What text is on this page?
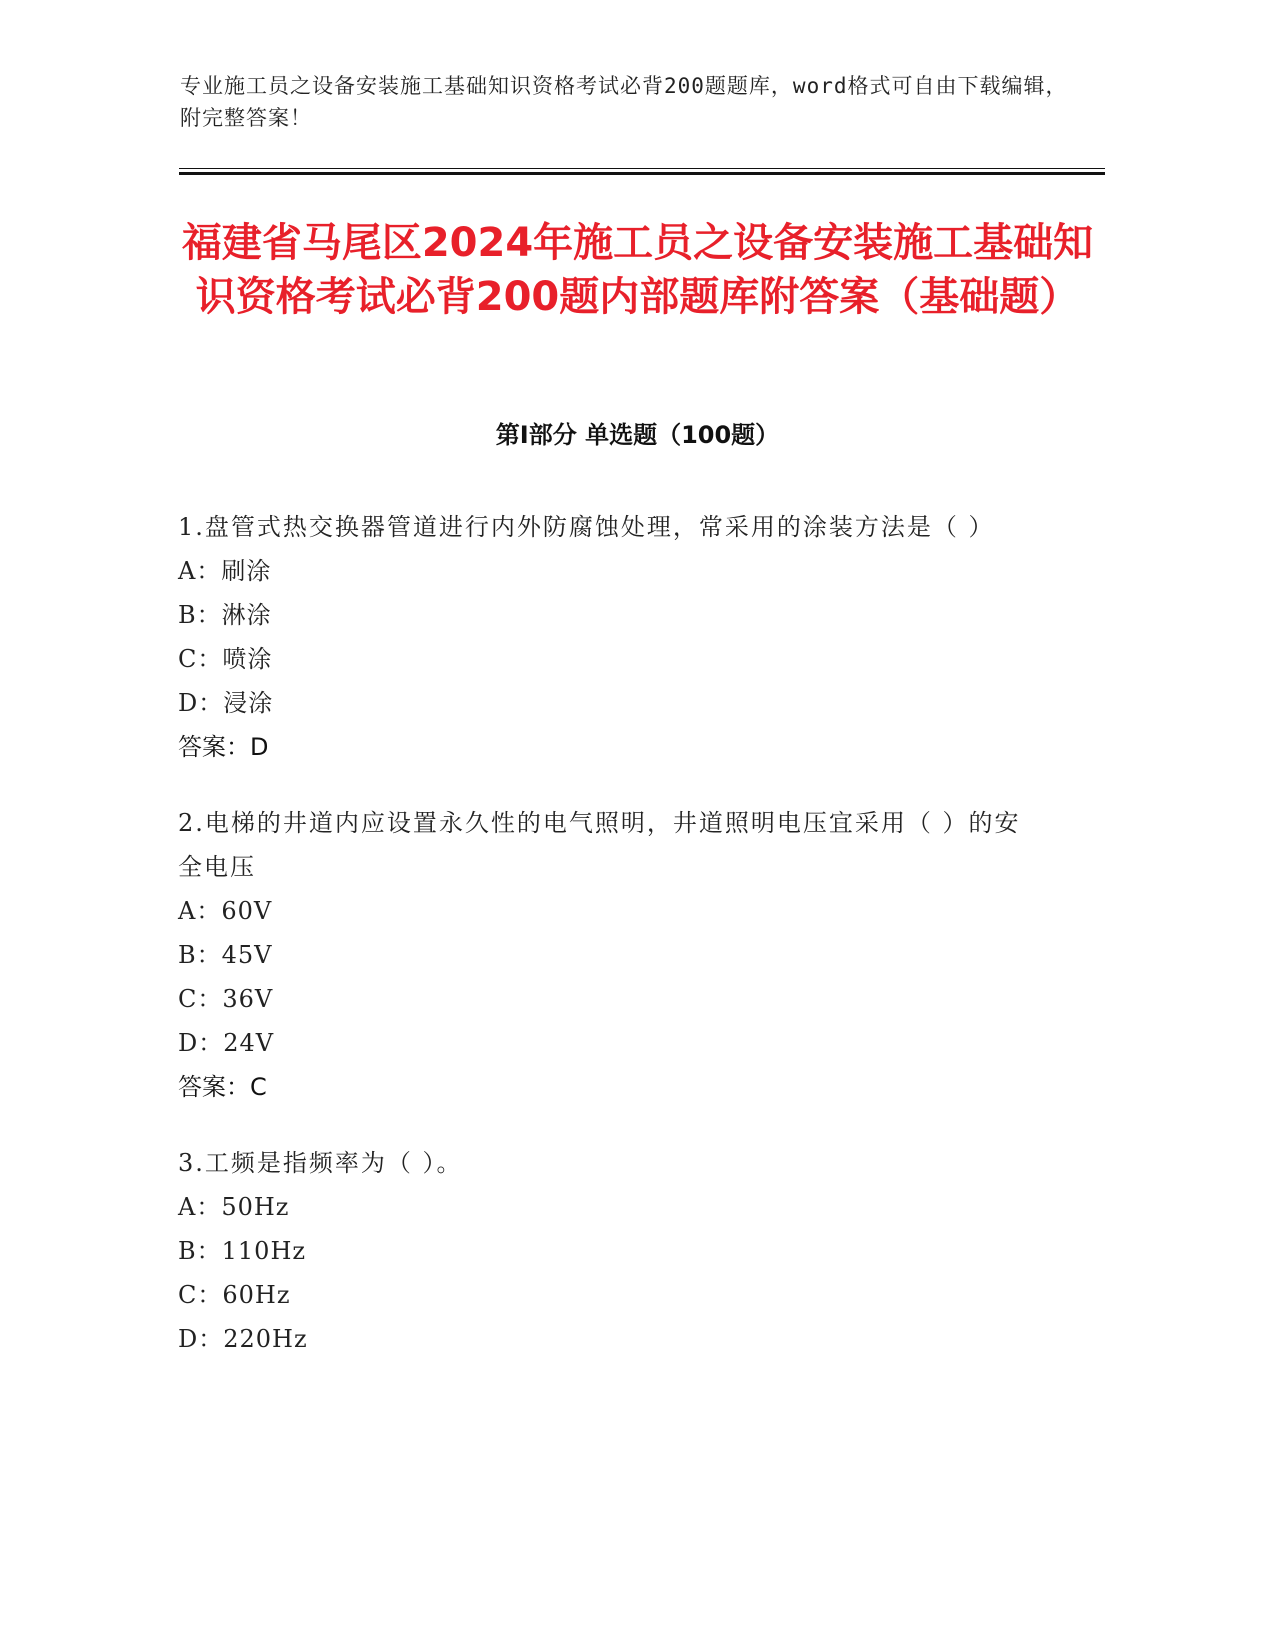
专业施工员之设备安装施工基础知识资格考试必背200题题库，word格式可自由下载编辑，附完整答案！

福建省马尾区2024年施工员之设备安装施工基础知识资格考试必背200题内部题库附答案（基础题）
第I部分 单选题（100题）

1.盘管式热交换器管道进行内外防腐蚀处理，常采用的涂装方法是（ ）

A：刷涂

B：淋涂

C：喷涂

D：浸涂

答案：D

2.电梯的井道内应设置永久性的电气照明，井道照明电压宜采用（ ）的安全电压

A：60V

B：45V

C：36V

D：24V

答案：C

3.工频是指频率为（ ）。

A：50Hz

B：110Hz

C：60Hz

D：220Hz
